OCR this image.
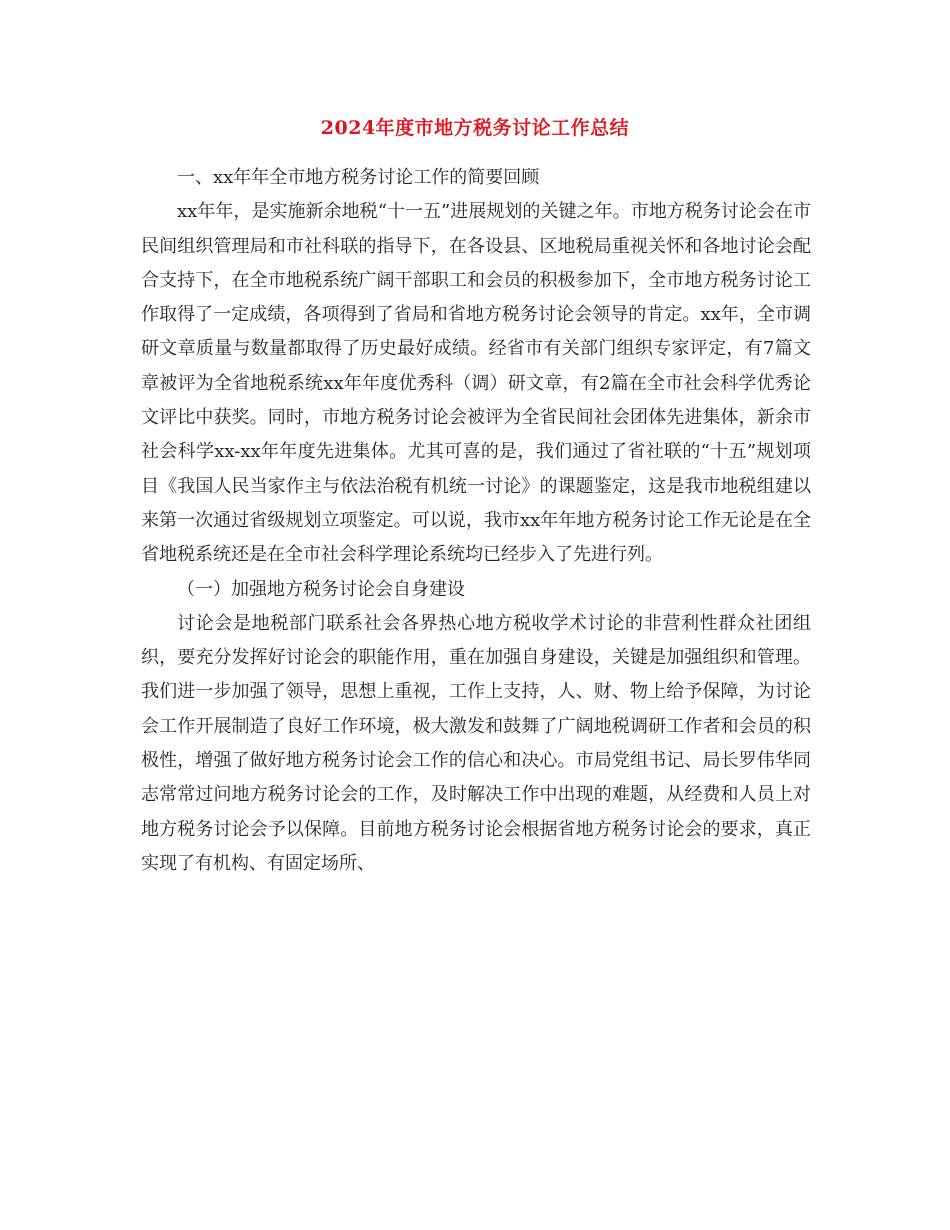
2024年度市地方税务讨论工作总结

一、xx年年全市地方税务讨论工作的简要回顾

xx年年，是实施新余地税“十一五”进展规划的关键之年。市地方税务讨论会在市民间组织管理局和市社科联的指导下，在各设县、区地税局重视关怀和各地讨论会配合支持下，在全市地税系统广阔干部职工和会员的积极参加下，全市地方税务讨论工作取得了一定成绩，各项得到了省局和省地方税务讨论会领导的肯定。xx年，全市调研文章质量与数量都取得了历史最好成绩。经省市有关部门组织专家评定，有7篇文章被评为全省地税系统xx年年度优秀科（调）研文章，有2篇在全市社会科学优秀论文评比中获奖。同时，市地方税务讨论会被评为全省民间社会团体先进集体，新余市社会科学xx-xx年年度先进集体。尤其可喜的是，我们通过了省社联的“十五”规划项目《我国人民当家作主与依法治税有机统一讨论》的课题鉴定，这是我市地税组建以来第一次通过省级规划立项鉴定。可以说，我市xx年年地方税务讨论工作无论是在全省地税系统还是在全市社会科学理论系统均已经步入了先进行列。

（一）加强地方税务讨论会自身建设

讨论会是地税部门联系社会各界热心地方税收学术讨论的非营利性群众社团组织，要充分发挥好讨论会的职能作用，重在加强自身建设，关键是加强组织和管理。我们进一步加强了领导，思想上重视，工作上支持，人、财、物上给予保障，为讨论会工作开展制造了良好工作环境，极大激发和鼓舞了广阔地税调研工作者和会员的积极性，增强了做好地方税务讨论会工作的信心和决心。市局党组书记、局长罗伟华同志常常过问地方税务讨论会的工作，及时解决工作中出现的难题，从经费和人员上对地方税务讨论会予以保障。目前地方税务讨论会根据省地方税务讨论会的要求，真正实现了有机构、有固定场所、
